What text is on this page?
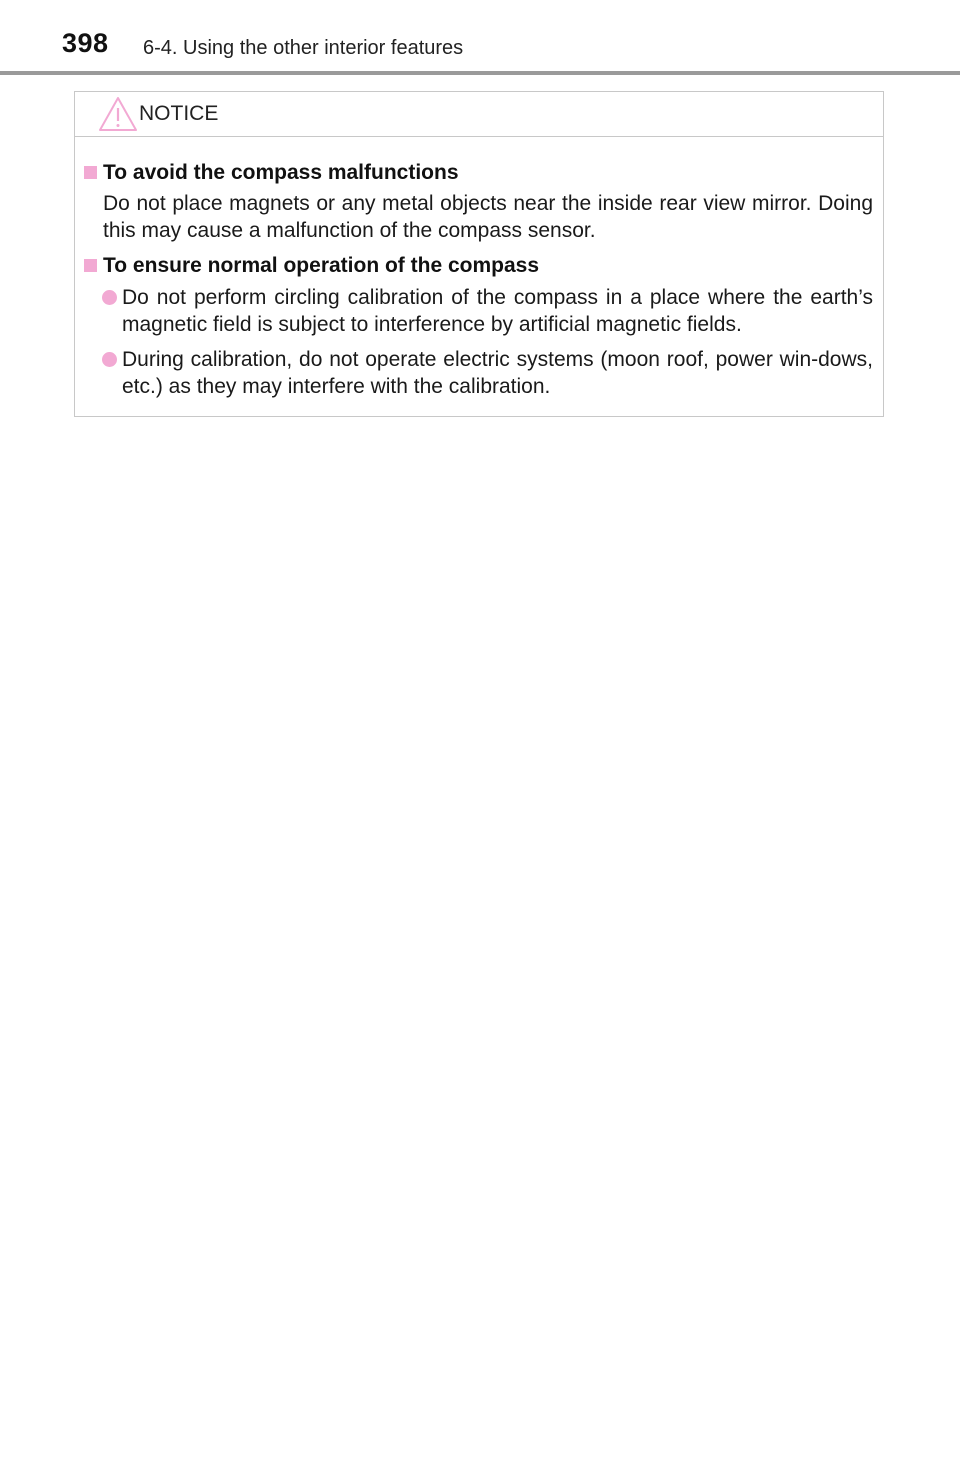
398 6-4. Using the other interior features
NOTICE
To avoid the compass malfunctions
Do not place magnets or any metal objects near the inside rear view mirror. Doing this may cause a malfunction of the compass sensor.
To ensure normal operation of the compass
Do not perform circling calibration of the compass in a place where the earth’s magnetic field is subject to interference by artificial magnetic fields.
During calibration, do not operate electric systems (moon roof, power win-dows, etc.) as they may interfere with the calibration.
